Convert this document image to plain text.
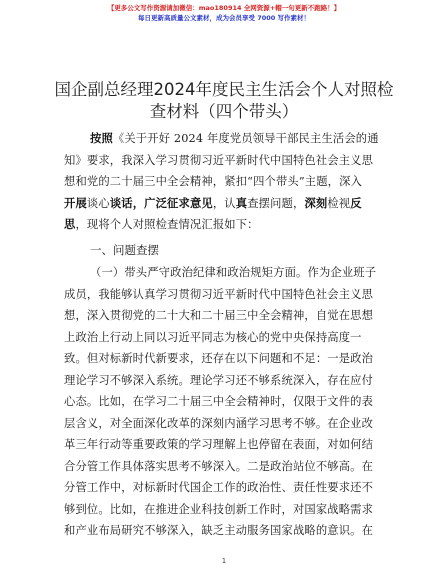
【更多公文写作资源请加微信：mao180914 全网资源+帽一句更新不跑路！】
每日更新高质量公文素材，成为会员享受 7000 写作素材！
国企副总经理2024年度民主生活会个人对照检
查材料（四个带头）
按照《关于开好 2024 年度党员领导干部民主生活会的通
知》要求，我深入学习贯彻习近平新时代中国特色社会主义思
想和党的二十届三中全会精神，紧扣“四个带头”主题，深入
开展谈心谈话，广泛征求意见，认真查摆问题，深刻检视反
思，现将个人对照检查情况汇报如下：
一、问题查摆
（一）带头严守政治纪律和政治规矩方面。作为企业班子
成员，我能够认真学习贯彻习近平新时代中国特色社会主义思
想，深入贯彻党的二十大和二十届三中全会精神，自觉在思想
上政治上行动上同以习近平同志为核心的党中央保持高度一
致。但对标新时代新要求，还存在以下问题和不足：一是政治
理论学习不够深入系统。理论学习还不够系统深入，存在应付
心态。比如，在学习二十届三中全会精神时，仅限于文件的表
层含义，对全面深化改革的深刻内涵学习思考不够。在企业改
革三年行动等重要政策的学习理解上也停留在表面，对如何结
合分管工作具体落实思考不够深入。二是政治站位不够高。在
分管工作中，对标新时代国企工作的政治性、责任性要求还不
够到位。比如，在推进企业科技创新工作时，对国家战略需求
和产业布局研究不够深入，缺乏主动服务国家战略的意识。在
1
